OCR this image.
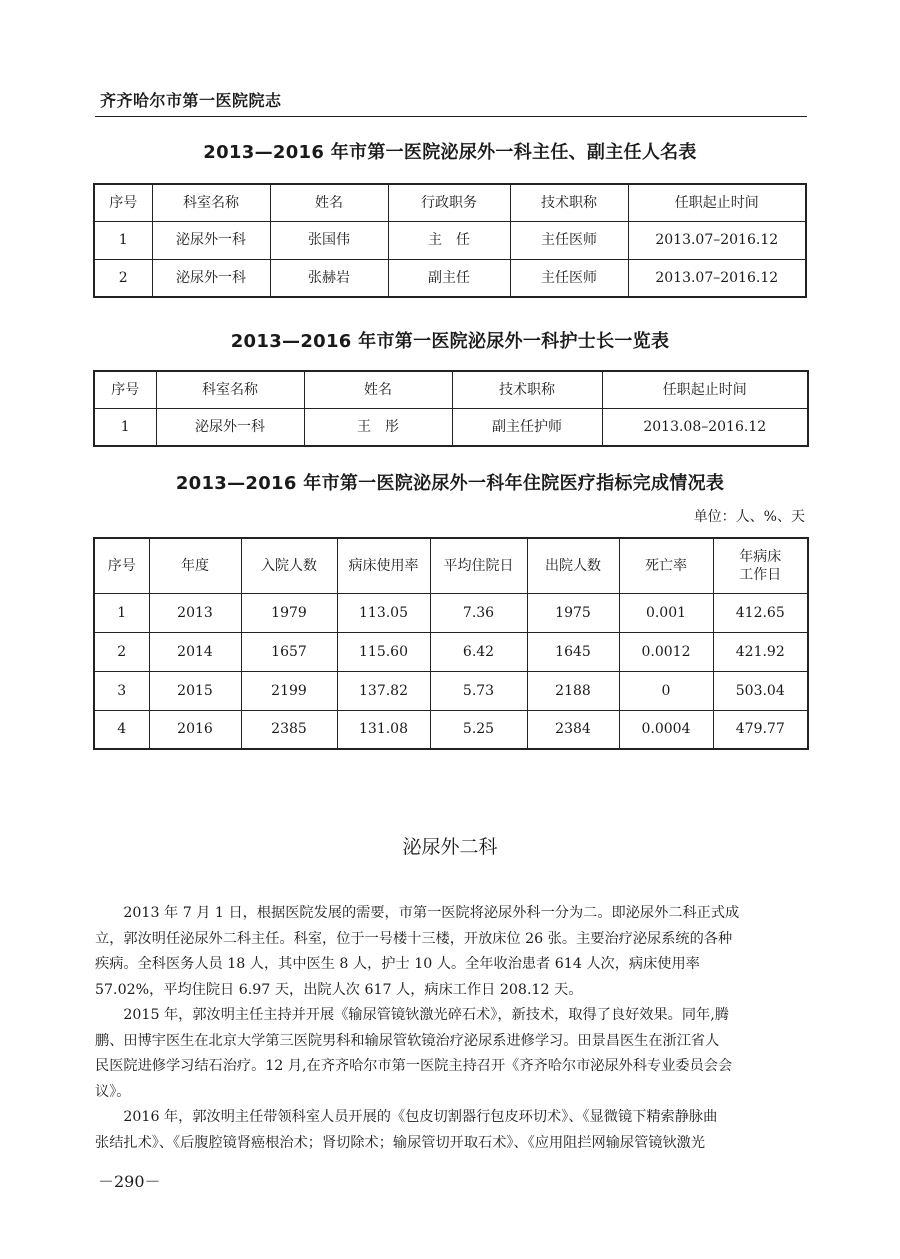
齐齐哈尔市第一医院院志
2013—2016 年市第一医院泌尿外一科主任、副主任人名表
序号	科室名称	姓名	行政职务	技术职称	任职起止时间
1	泌尿外一科	张国伟	主　任	主任医师	2013.07–2016.12
2	泌尿外一科	张赫岩	副主任	主任医师	2013.07–2016.12
2013—2016 年市第一医院泌尿外一科护士长一览表
序号	科室名称	姓名	技术职称	任职起止时间
1	泌尿外一科	王　彤	副主任护师	2013.08–2016.12
2013—2016 年市第一医院泌尿外一科年住院医疗指标完成情况表
单位：人、%、天
序号	年度	入院人数	病床使用率	平均住院日	出院人数	死亡率	年病床
工作日

1	2013	1979	113.05	7.36	1975	0.001	412.65
2	2014	1657	115.60	6.42	1645	0.0012	421.92
3	2015	2199	137.82	5.73	2188	0	503.04
4	2016	2385	131.08	5.25	2384	0.0004	479.77
泌尿外二科

　　2013 年 7 月 1 日，根据医院发展的需要，市第一医院将泌尿外科一分为二。即泌尿外二科正式成
立，郭汝明任泌尿外二科主任。科室，位于一号楼十三楼，开放床位 26 张。主要治疗泌尿系统的各种
疾病。全科医务人员 18 人，其中医生 8 人，护士 10 人。全年收治患者 614 人次，病床使用率
57.02%，平均住院日 6.97 天，出院人次 617 人，病床工作日 208.12 天。

　　2015 年，郭汝明主任主持并开展《输尿管镜钬激光碎石术》，新技术，取得了良好效果。同年,腾
鹏、田博宇医生在北京大学第三医院男科和输尿管软镜治疗泌尿系进修学习。田景昌医生在浙江省人
民医院进修学习结石治疗。12 月,在齐齐哈尔市第一医院主持召开《齐齐哈尔市泌尿外科专业委员会会
议》。

　　2016 年，郭汝明主任带领科室人员开展的《包皮切割器行包皮环切术》、《显微镜下精索静脉曲
张结扎术》、《后腹腔镜肾癌根治术；肾切除术；输尿管切开取石术》、《应用阻拦网输尿管镜钬激光

－290－
